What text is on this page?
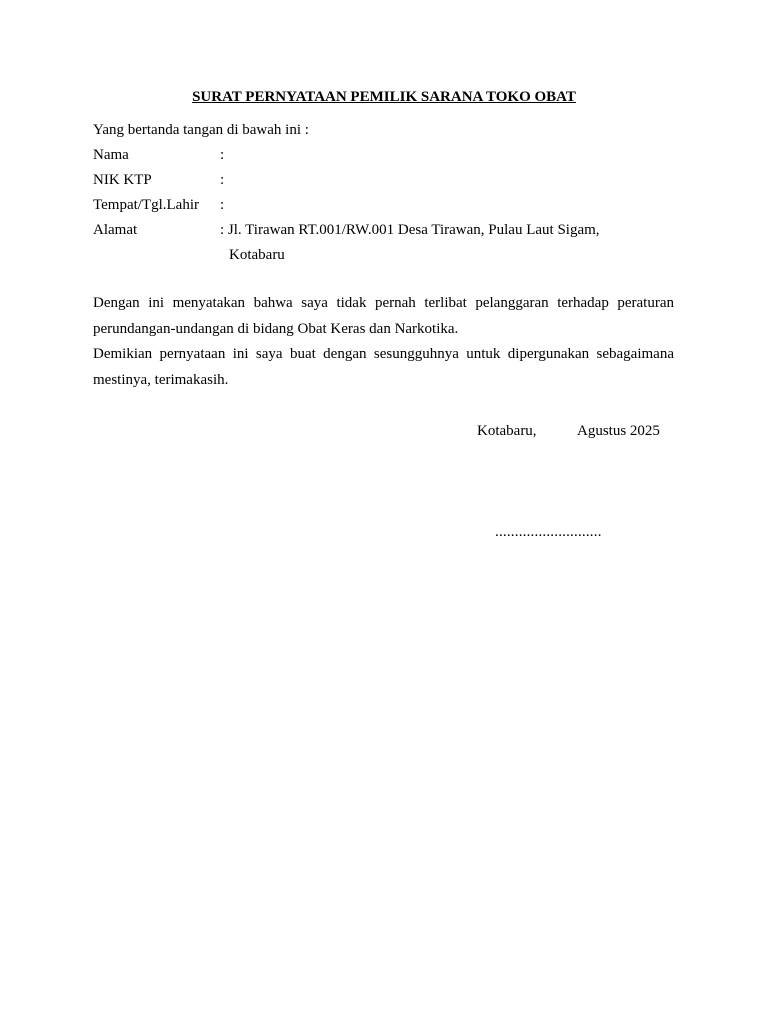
SURAT PERNYATAAN PEMILIK SARANA TOKO OBAT
Yang bertanda tangan di bawah ini :
Nama	:
NIK KTP	:
Tempat/Tgl.Lahir :
Alamat	: Jl. Tirawan RT.001/RW.001 Desa Tirawan, Pulau Laut Sigam,
Kotabaru
Dengan ini menyatakan bahwa saya tidak pernah terlibat pelanggaran terhadap peraturan perundangan-undangan di bidang Obat Keras dan Narkotika.
Demikian pernyataan ini saya buat dengan sesungguhnya untuk dipergunakan sebagaimana mestinya, terimakasih.
Kotabaru,	Agustus 2025
...........................
